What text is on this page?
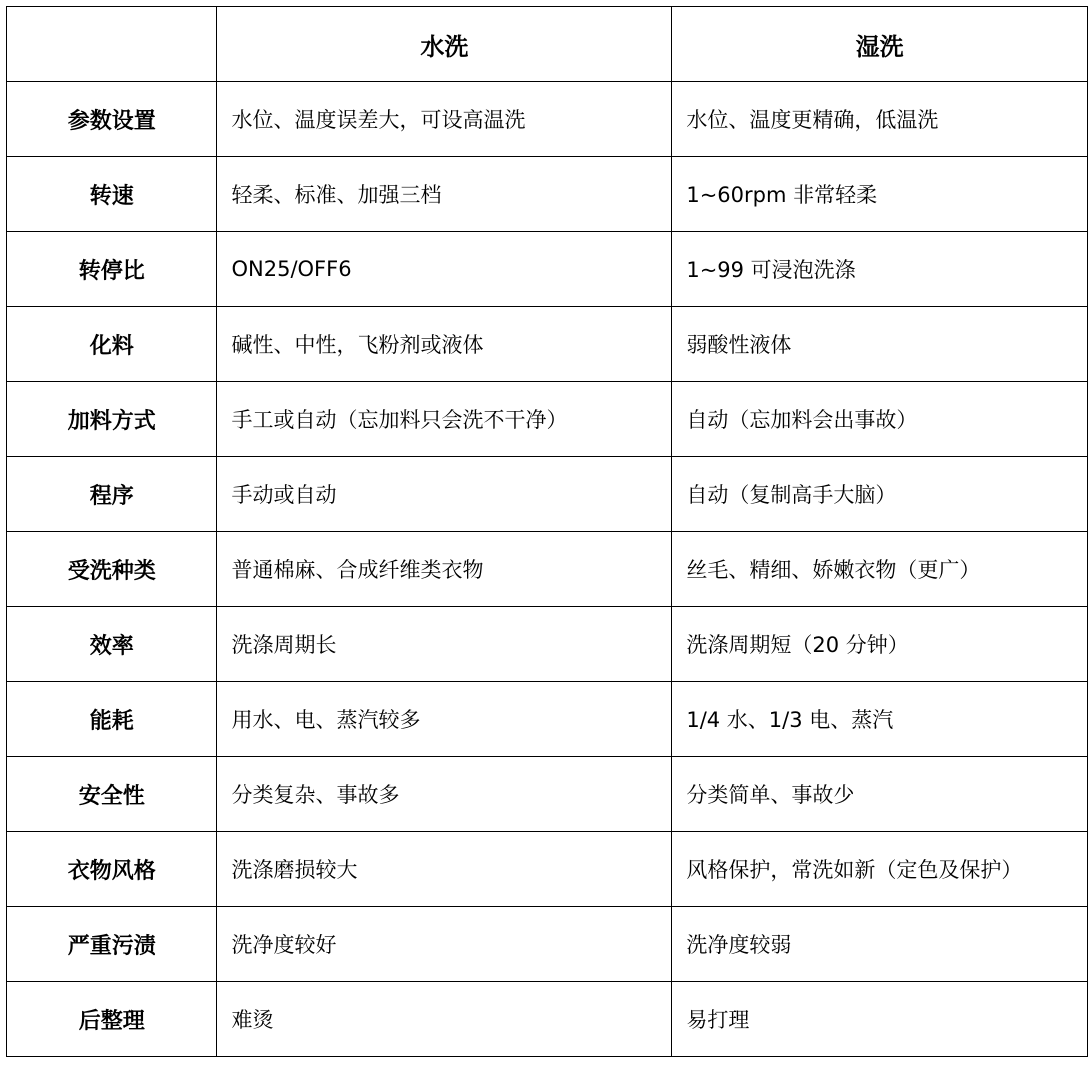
	水洗	湿洗
参数设置	水位、温度误差大，可设高温洗	水位、温度更精确，低温洗
转速	轻柔、标准、加强三档	1~60rpm 非常轻柔
转停比	ON25/OFF6	1~99 可浸泡洗涤
化料	碱性、中性，飞粉剂或液体	弱酸性液体
加料方式	手工或自动（忘加料只会洗不干净）	自动（忘加料会出事故）
程序	手动或自动	自动（复制高手大脑）
受洗种类	普通棉麻、合成纤维类衣物	丝毛、精细、娇嫩衣物（更广）
效率	洗涤周期长	洗涤周期短（20 分钟）
能耗	用水、电、蒸汽较多	1/4 水、1/3 电、蒸汽
安全性	分类复杂、事故多	分类简单、事故少
衣物风格	洗涤磨损较大	风格保护，常洗如新（定色及保护）
严重污渍	洗净度较好	洗净度较弱
后整理	难烫	易打理
